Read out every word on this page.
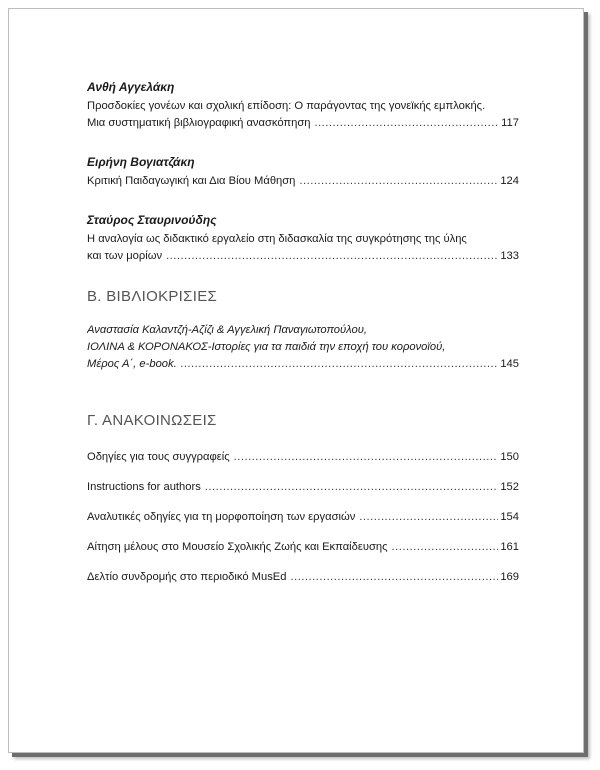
Ανθή Αγγελάκη
Προσδοκίες γονέων και σχολική επίδοση: Ο παράγοντας της γονεϊκής εμπλοκής.
Μια συστηματική βιβλιογραφική ανασκόπηση .....	117
Ειρήνη Βογιατζάκη
Κριτική Παιδαγωγική και Δια Βίου Μάθηση .....	124
Σταύρος Σταυρινούδης
Η αναλογία ως διδακτικό εργαλείο στη διδασκαλία της συγκρότησης της ύλης
και των μορίων .....	133
Β. ΒΙΒΛΙΟΚΡΙΣΙΕΣ
Αναστασία Καλαντζή-Αζίζι & Αγγελική Παναγιωτοπούλου,
ΙΟΛΙΝΑ & ΚΟΡΟΝΑΚΟΣ-Ιστορίες για τα παιδιά την εποχή του κορονοϊού,
Μέρος Α΄, e-book. .....	145
Γ. ΑΝΑΚΟΙΝΩΣΕΙΣ
Οδηγίες για τους συγγραφείς .....	150
Instructions for authors .....	152
Αναλυτικές οδηγίες για τη μορφοποίηση των εργασιών .....	154
Αίτηση μέλους στο Μουσείο Σχολικής Ζωής και Εκπαίδευσης .....	161
Δελτίο συνδρομής στο περιοδικό MusEd .....	169
